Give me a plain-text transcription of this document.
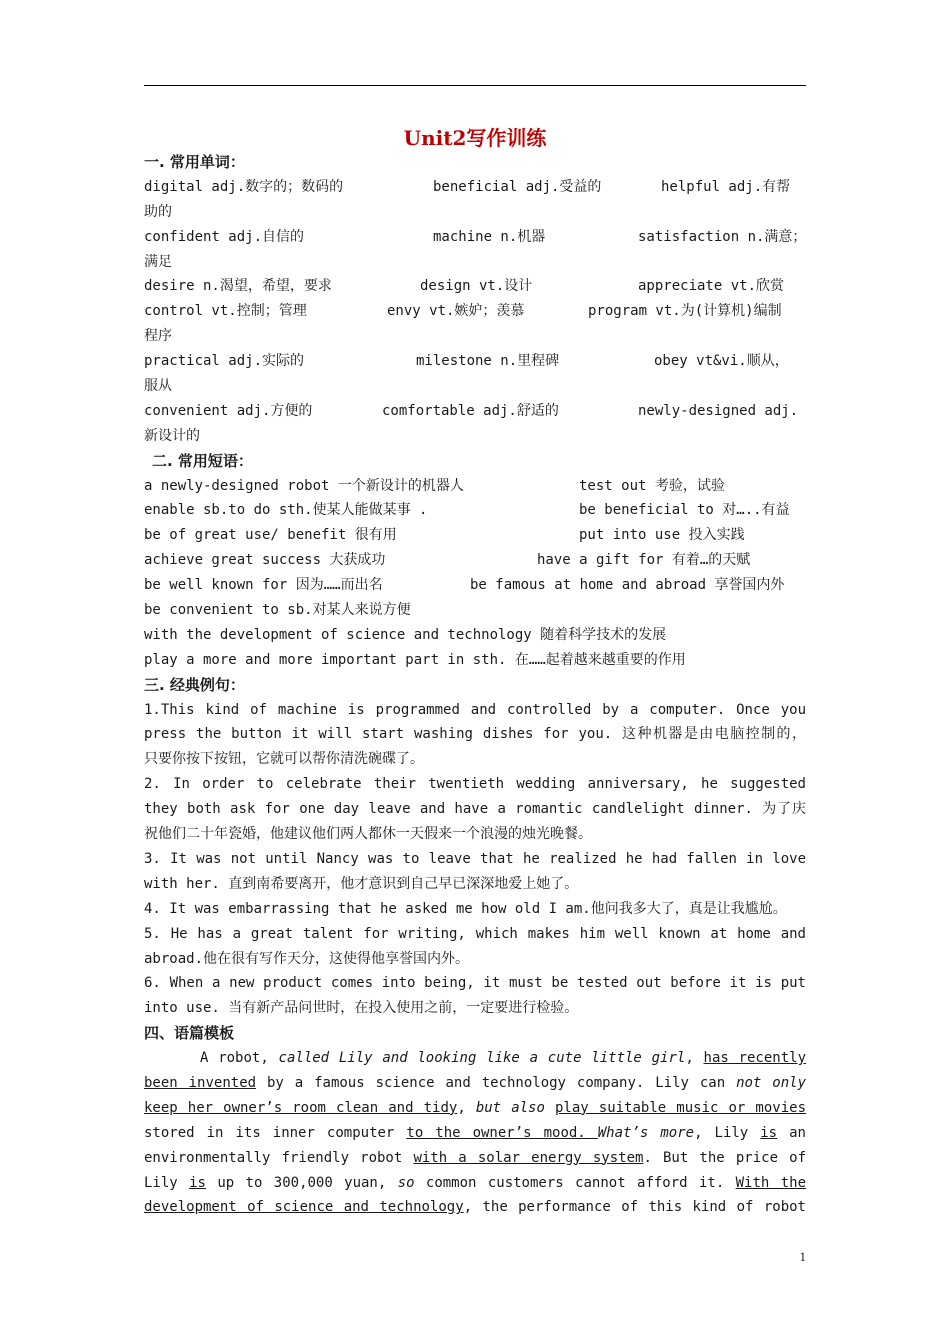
Unit2写作训练
一. 常用单词：
digital adj.数字的；数码的	beneficial adj.受益的	helpful adj.有帮
助的
confident adj.自信的	machine n.机器	satisfaction n.满意；
满足
desire n.渴望，希望，要求	design vt.设计	appreciate vt.欣赏
control vt.控制；管理	envy vt.嫉妒；羡慕	program vt.为(计算机)编制
程序
practical adj.实际的	milestone n.里程碑	obey vt&vi.顺从，
服从
convenient adj.方便的	comfortable adj.舒适的	newly-designed adj.
新设计的
二. 常用短语：
a newly-designed robot 一个新设计的机器人	test out 考验，试验
enable sb.to do sth.使某人能做某事 .	be beneficial to 对…..有益
be of great use/ benefit 很有用	put into use 投入实践
achieve great success 大获成功	have a gift for 有着…的天赋
be well known for 因为……而出名	be famous at home and abroad 享誉国内外
be convenient to sb.对某人来说方便
with the development of science and technology 随着科学技术的发展
play a more and more important part in sth. 在……起着越来越重要的作用
三. 经典例句：
1.This kind of machine is programmed and controlled by a computer. Once you
press the button it will start washing dishes for you. 这种机器是由电脑控制的，
只要你按下按钮，它就可以帮你清洗碗碟了。
2. In order to celebrate their twentieth wedding anniversary, he suggested
they both ask for one day leave and have a romantic candlelight dinner. 为了庆
祝他们二十年瓷婚，他建议他们两人都休一天假来一个浪漫的烛光晚餐。
3. It was not until Nancy was to leave that he realized he had fallen in love
with her. 直到南希要离开，他才意识到自己早已深深地爱上她了。
4. It was embarrassing that he asked me how old I am.他问我多大了，真是让我尴尬。
5. He has a great talent for writing, which makes him well known at home and
abroad.他在很有写作天分，这使得他享誉国内外。
6. When a new product comes into being, it must be tested out before it is put
into use. 当有新产品问世时，在投入使用之前，一定要进行检验。
四、语篇模板
A robot, called Lily and looking like a cute little girl, has recently
been invented by a famous science and technology company. Lily can not only
keep her owner’s room clean and tidy, but also play suitable music or movies
stored in its inner computer to the owner’s mood. What’s more, Lily is an
environmentally friendly robot with a solar energy system. But the price of
Lily is up to 300,000 yuan, so common customers cannot afford it. With the
development of science and technology, the performance of this kind of robot
1
